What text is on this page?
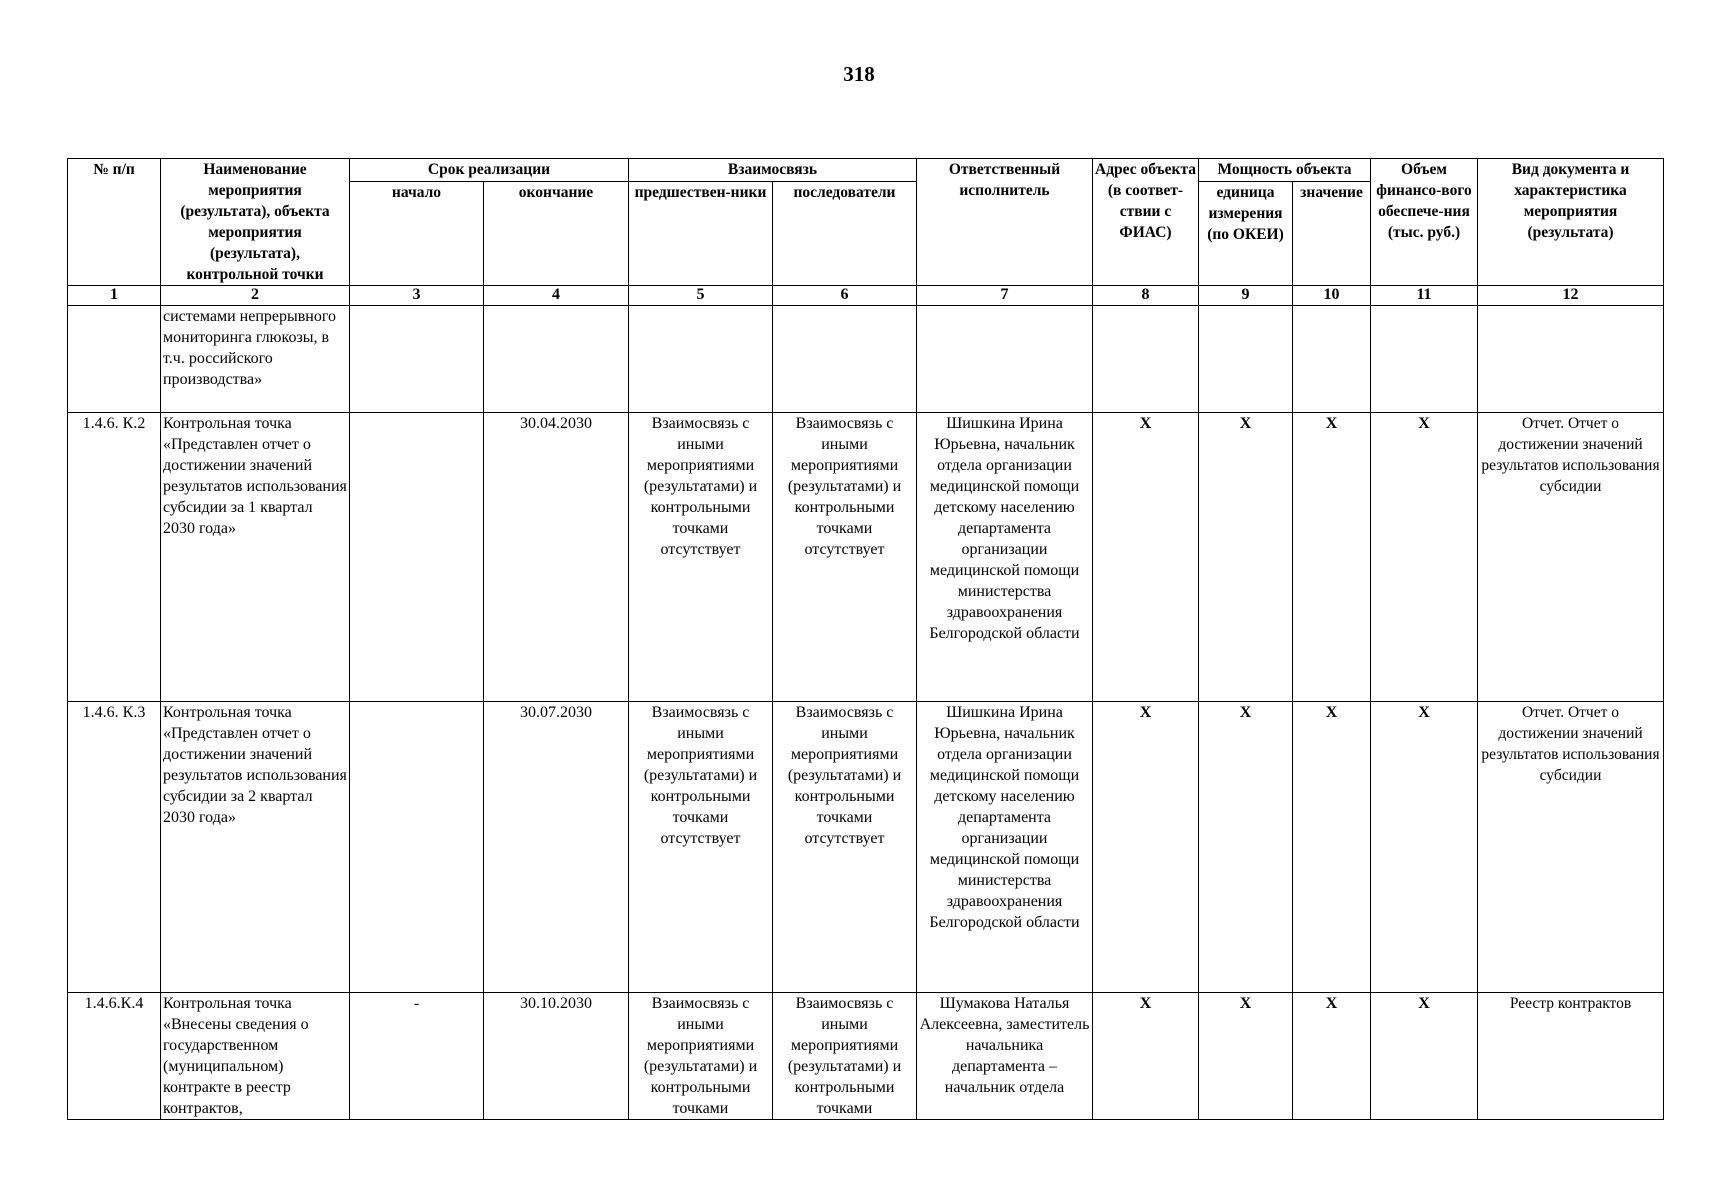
318
№ п/п	Наименование мероприятия (результата), объекта мероприятия (результата), контрольной точки	Срок реализации		Взаимосвязь		Ответственный исполнитель	Адрес объекта (в соответ-ствии с ФИАС)	Мощность объекта		Объем финансо-вого обеспече-ния (тыс. руб.)	Вид документа и характеристика мероприятия (результата)
		начало	окончание	предшествен-ники	последователи			единица измерения (по ОКЕИ)	значение		
1	2	3	4	5	6	7	8	9	10	11	12
	системами непрерывного мониторинга глюкозы, в т.ч. российского производства»										
1.4.6. К.2	Контрольная точка «Представлен отчет о достижении значений результатов использования субсидии за 1 квартал 2030 года»		30.04.2030	Взаимосвязь с иными мероприятиями (результатами) и контрольными точками отсутствует	Взаимосвязь с иными мероприятиями (результатами) и контрольными точками отсутствует	Шишкина Ирина Юрьевна, начальник отдела организации медицинской помощи детскому населению департамента организации медицинской помощи министерства здравоохранения Белгородской области	X	X	X	X	Отчет. Отчет о достижении значений результатов использования субсидии
1.4.6. К.3	Контрольная точка «Представлен отчет о достижении значений результатов использования субсидии за 2 квартал 2030 года»		30.07.2030	Взаимосвязь с иными мероприятиями (результатами) и контрольными точками отсутствует	Взаимосвязь с иными мероприятиями (результатами) и контрольными точками отсутствует	Шишкина Ирина Юрьевна, начальник отдела организации медицинской помощи детскому населению департамента организации медицинской помощи министерства здравоохранения Белгородской области	X	X	X	X	Отчет. Отчет о достижении значений результатов использования субсидии
1.4.6.К.4	Контрольная точка «Внесены сведения о государственном (муниципальном) контракте в реестр контрактов,	-	30.10.2030	Взаимосвязь с иными мероприятиями (результатами) и контрольными точками	Взаимосвязь с иными мероприятиями (результатами) и контрольными точками	Шумакова Наталья Алексеевна, заместитель начальника департамента – начальник отдела	X	X	X	X	Реестр контрактов
